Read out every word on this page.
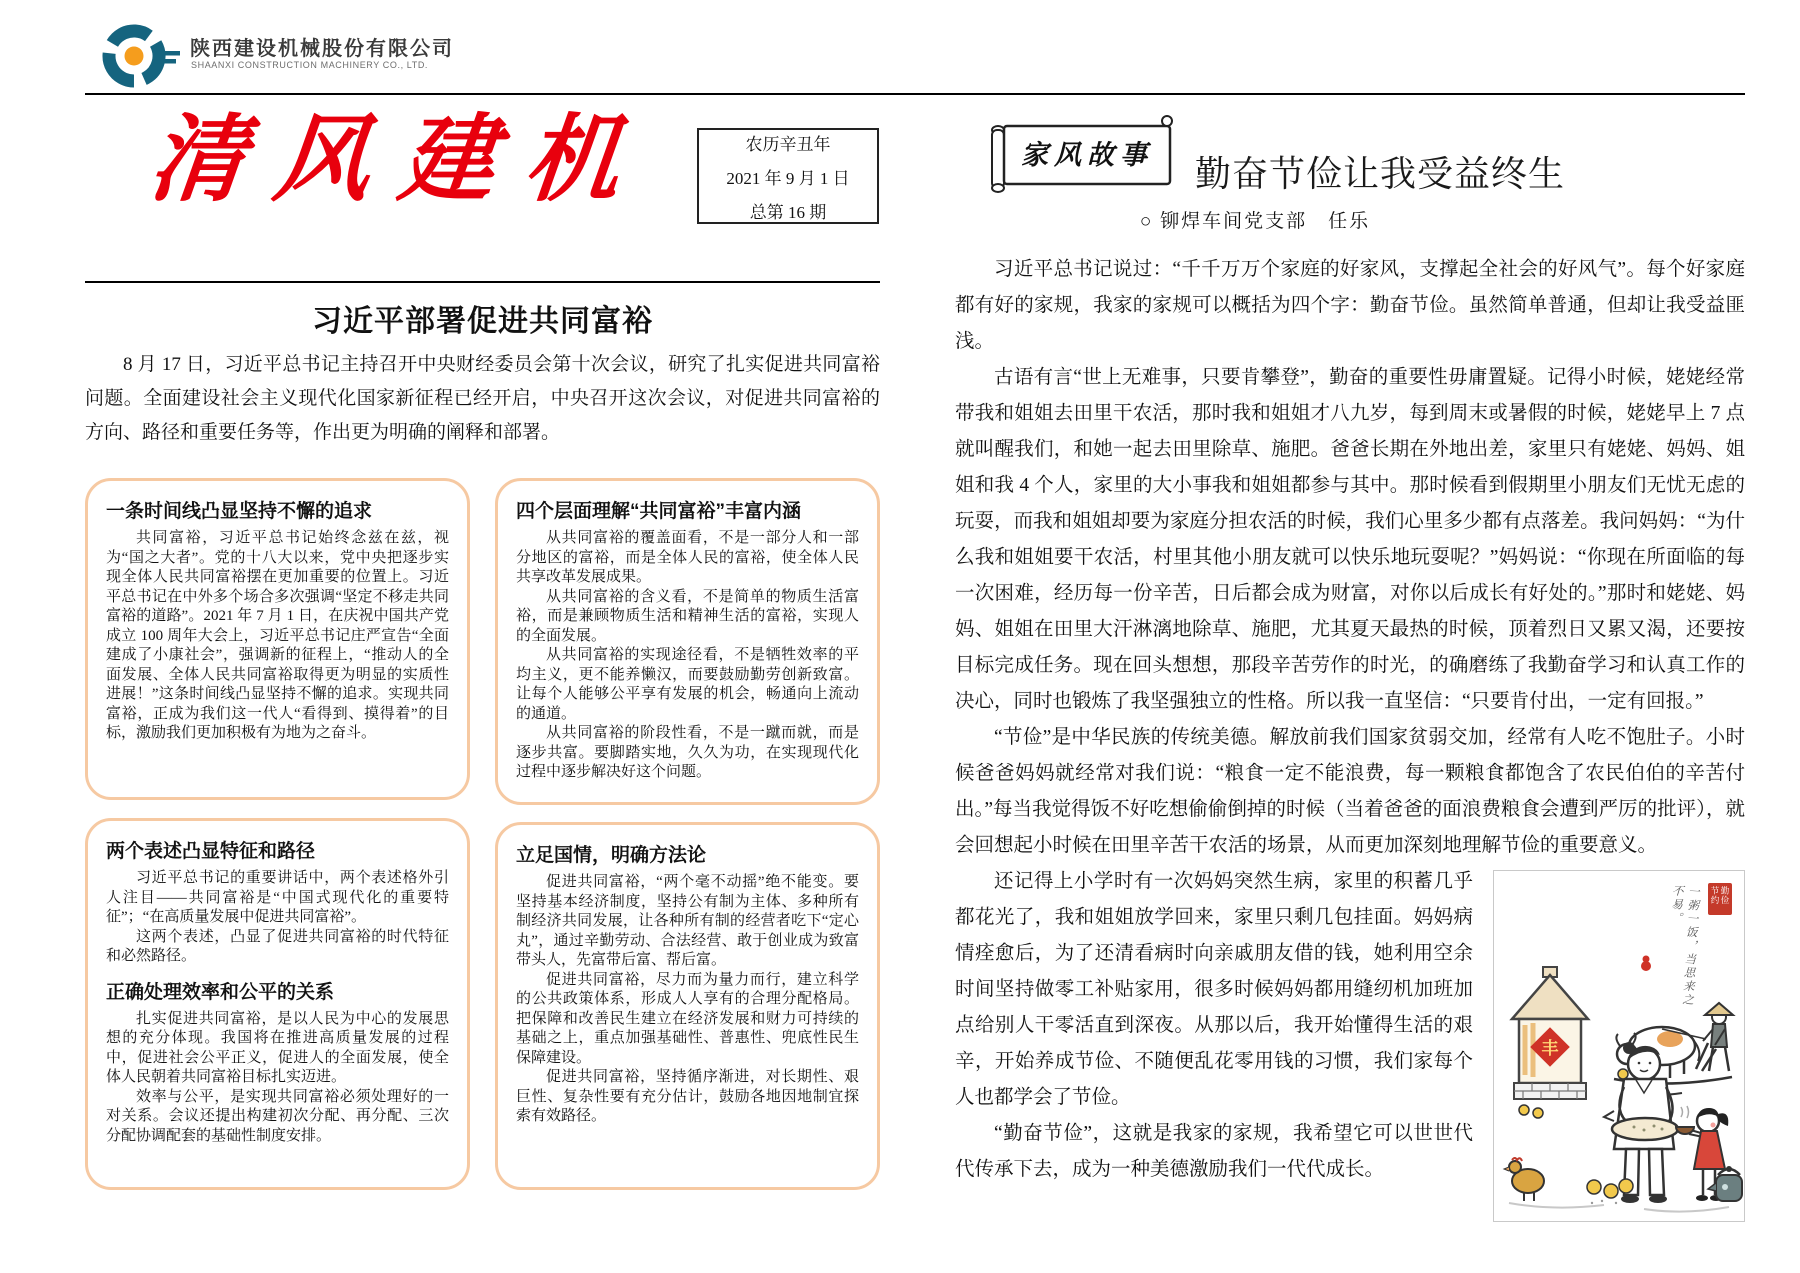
陕西建设机械股份有限公司
SHAANXI CONSTRUCTION MACHINERY CO., LTD.
清风建机	农历辛丑年
2021 年 9 月 1 日
总第 16 期
习近平部署促进共同富裕
8 月 17 日，习近平总书记主持召开中央财经委员会第十次会议，研究了扎实促进共同富裕问题。全面建设社会主义现代化国家新征程已经开启，中央召开这次会议，对促进共同富裕的方向、路径和重要任务等，作出更为明确的阐释和部署。
一条时间线凸显坚持不懈的追求

共同富裕，习近平总书记始终念兹在兹，视为“国之大者”。党的十八大以来，党中央把逐步实现全体人民共同富裕摆在更加重要的位置上。习近平总书记在中外多个场合多次强调“坚定不移走共同富裕的道路”。2021 年 7 月 1 日，在庆祝中国共产党成立 100 周年大会上，习近平总书记庄严宣告“全面建成了小康社会”，强调新的征程上，“推动人的全面发展、全体人民共同富裕取得更为明显的实质性进展！”这条时间线凸显坚持不懈的追求。实现共同富裕，正成为我们这一代人“看得到、摸得着”的目标，激励我们更加积极有为地为之奋斗。

四个层面理解“共同富裕”丰富内涵

从共同富裕的覆盖面看，不是一部分人和一部分地区的富裕，而是全体人民的富裕，使全体人民共享改革发展成果。

从共同富裕的含义看，不是简单的物质生活富裕，而是兼顾物质生活和精神生活的富裕，实现人的全面发展。

从共同富裕的实现途径看，不是牺牲效率的平均主义，更不能养懒汉，而要鼓励勤劳创新致富。让每个人能够公平享有发展的机会，畅通向上流动的通道。

从共同富裕的阶段性看，不是一蹴而就，而是逐步共富。要脚踏实地，久久为功，在实现现代化过程中逐步解决好这个问题。

两个表述凸显特征和路径

习近平总书记的重要讲话中，两个表述格外引人注目——共同富裕是“中国式现代化的重要特征”；“在高质量发展中促进共同富裕”。

这两个表述，凸显了促进共同富裕的时代特征和必然路径。

正确处理效率和公平的关系

扎实促进共同富裕，是以人民为中心的发展思想的充分体现。我国将在推进高质量发展的过程中，促进社会公平正义，促进人的全面发展，使全体人民朝着共同富裕目标扎实迈进。

效率与公平，是实现共同富裕必须处理好的一对关系。会议还提出构建初次分配、再分配、三次分配协调配套的基础性制度安排。

立足国情，明确方法论

促进共同富裕，“两个毫不动摇”绝不能变。要坚持基本经济制度，坚持公有制为主体、多种所有制经济共同发展，让各种所有制的经营者吃下“定心丸”，通过辛勤劳动、合法经营、敢于创业成为致富带头人，先富带后富、帮后富。

促进共同富裕，尽力而为量力而行，建立科学的公共政策体系，形成人人享有的合理分配格局。把保障和改善民生建立在经济发展和财力可持续的基础之上，重点加强基础性、普惠性、兜底性民生保障建设。

促进共同富裕，坚持循序渐进，对长期性、艰巨性、复杂性要有充分估计，鼓励各地因地制宜探索有效路径。

家风故事	勤奋节俭让我受益终生
○ 铆焊车间党支部　任乐

习近平总书记说过：“千千万万个家庭的好家风，支撑起全社会的好风气”。每个好家庭都有好的家规，我家的家规可以概括为四个字：勤奋节俭。虽然简单普通，但却让我受益匪浅。

古语有言“世上无难事，只要肯攀登”，勤奋的重要性毋庸置疑。记得小时候，姥姥经常带我和姐姐去田里干农活，那时我和姐姐才八九岁，每到周末或暑假的时候，姥姥早上 7 点就叫醒我们，和她一起去田里除草、施肥。爸爸长期在外地出差，家里只有姥姥、妈妈、姐姐和我 4 个人，家里的大小事我和姐姐都参与其中。那时候看到假期里小朋友们无忧无虑的玩耍，而我和姐姐却要为家庭分担农活的时候，我们心里多少都有点落差。我问妈妈：“为什么我和姐姐要干农活，村里其他小朋友就可以快乐地玩耍呢？”妈妈说：“你现在所面临的每一次困难，经历每一份辛苦，日后都会成为财富，对你以后成长有好处的。”那时和姥姥、妈妈、姐姐在田里大汗淋漓地除草、施肥，尤其夏天最热的时候，顶着烈日又累又渴，还要按目标完成任务。现在回头想想，那段辛苦劳作的时光，的确磨练了我勤奋学习和认真工作的决心，同时也锻炼了我坚强独立的性格。所以我一直坚信：“只要肯付出，一定有回报。”

“节俭”是中华民族的传统美德。解放前我们国家贫弱交加，经常有人吃不饱肚子。小时候爸爸妈妈就经常对我们说：“粮食一定不能浪费，每一颗粮食都饱含了农民伯伯的辛苦付出。”每当我觉得饭不好吃想偷偷倒掉的时候（当着爸爸的面浪费粮食会遭到严厉的批评），就会回想起小时候在田里辛苦干农活的场景，从而更加深刻地理解节俭的重要意义。

丰
一粥一饭，当思来之不易。	勤俭节约

还记得上小学时有一次妈妈突然生病，家里的积蓄几乎都花光了，我和姐姐放学回来，家里只剩几包挂面。妈妈病情痊愈后，为了还清看病时向亲戚朋友借的钱，她利用空余时间坚持做零工补贴家用，很多时候妈妈都用缝纫机加班加点给别人干零活直到深夜。从那以后，我开始懂得生活的艰辛，开始养成节俭、不随便乱花零用钱的习惯，我们家每个人也都学会了节俭。

“勤奋节俭”，这就是我家的家规，我希望它可以世世代代传承下去，成为一种美德激励我们一代代成长。
